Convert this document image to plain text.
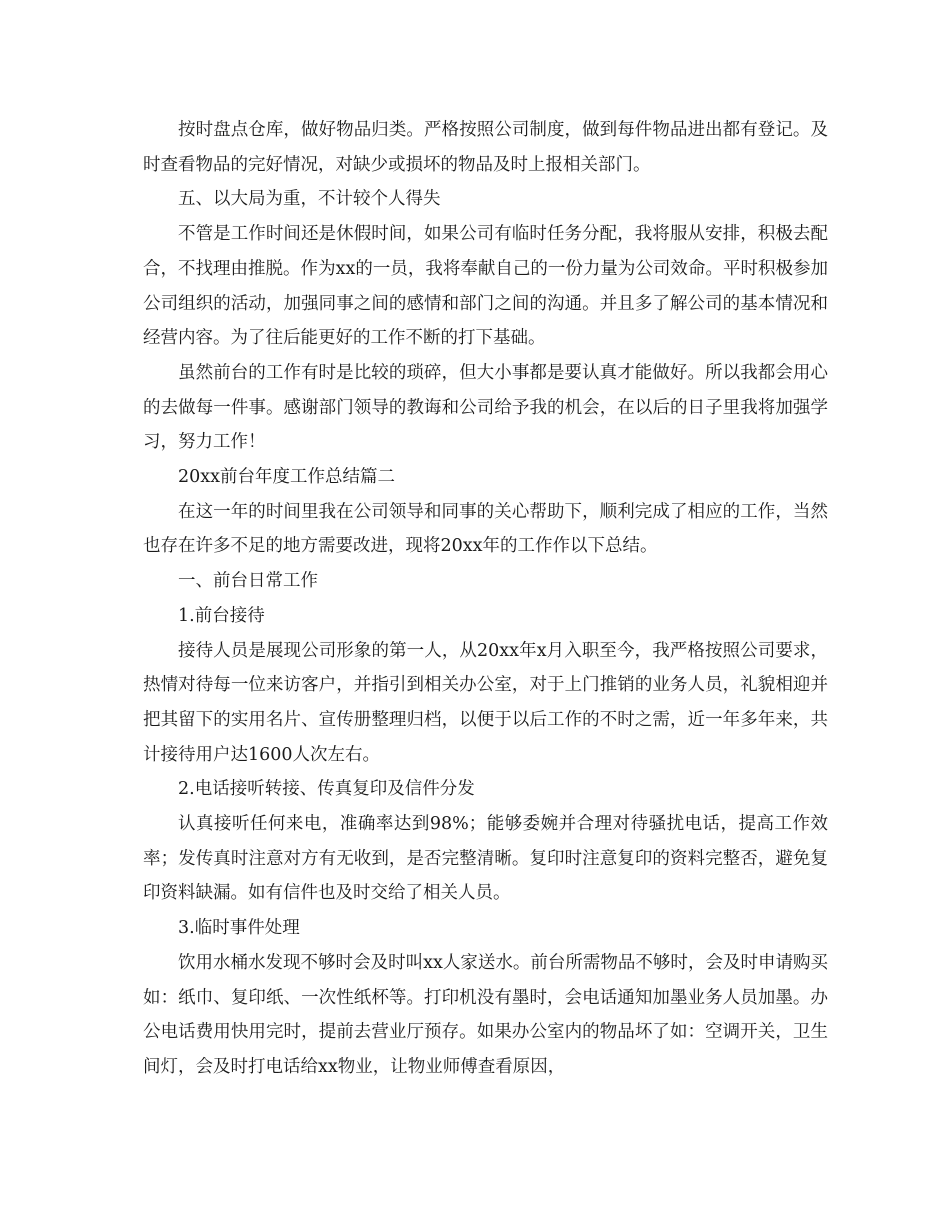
按时盘点仓库，做好物品归类。严格按照公司制度，做到每件物品进出都有登记。及时查看物品的完好情况，对缺少或损坏的物品及时上报相关部门。

五、以大局为重，不计较个人得失

不管是工作时间还是休假时间，如果公司有临时任务分配，我将服从安排，积极去配合，不找理由推脱。作为xx的一员，我将奉献自己的一份力量为公司效命。平时积极参加公司组织的活动，加强同事之间的感情和部门之间的沟通。并且多了解公司的基本情况和经营内容。为了往后能更好的工作不断的打下基础。

虽然前台的工作有时是比较的琐碎，但大小事都是要认真才能做好。所以我都会用心的去做每一件事。感谢部门领导的教诲和公司给予我的机会，在以后的日子里我将加强学习，努力工作！

20xx前台年度工作总结篇二

在这一年的时间里我在公司领导和同事的关心帮助下，顺利完成了相应的工作，当然也存在许多不足的地方需要改进，现将20xx年的工作作以下总结。

一、前台日常工作

1.前台接待

接待人员是展现公司形象的第一人，从20xx年x月入职至今，我严格按照公司要求，热情对待每一位来访客户，并指引到相关办公室，对于上门推销的业务人员，礼貌相迎并把其留下的实用名片、宣传册整理归档，以便于以后工作的不时之需，近一年多年来，共计接待用户达1600人次左右。

2.电话接听转接、传真复印及信件分发

认真接听任何来电，准确率达到98%；能够委婉并合理对待骚扰电话，提高工作效率；发传真时注意对方有无收到，是否完整清晰。复印时注意复印的资料完整否，避免复印资料缺漏。如有信件也及时交给了相关人员。

3.临时事件处理

饮用水桶水发现不够时会及时叫xx人家送水。前台所需物品不够时，会及时申请购买如：纸巾、复印纸、一次性纸杯等。打印机没有墨时，会电话通知加墨业务人员加墨。办公电话费用快用完时，提前去营业厅预存。如果办公室内的物品坏了如：空调开关，卫生间灯，会及时打电话给xx物业，让物业师傅查看原因，
